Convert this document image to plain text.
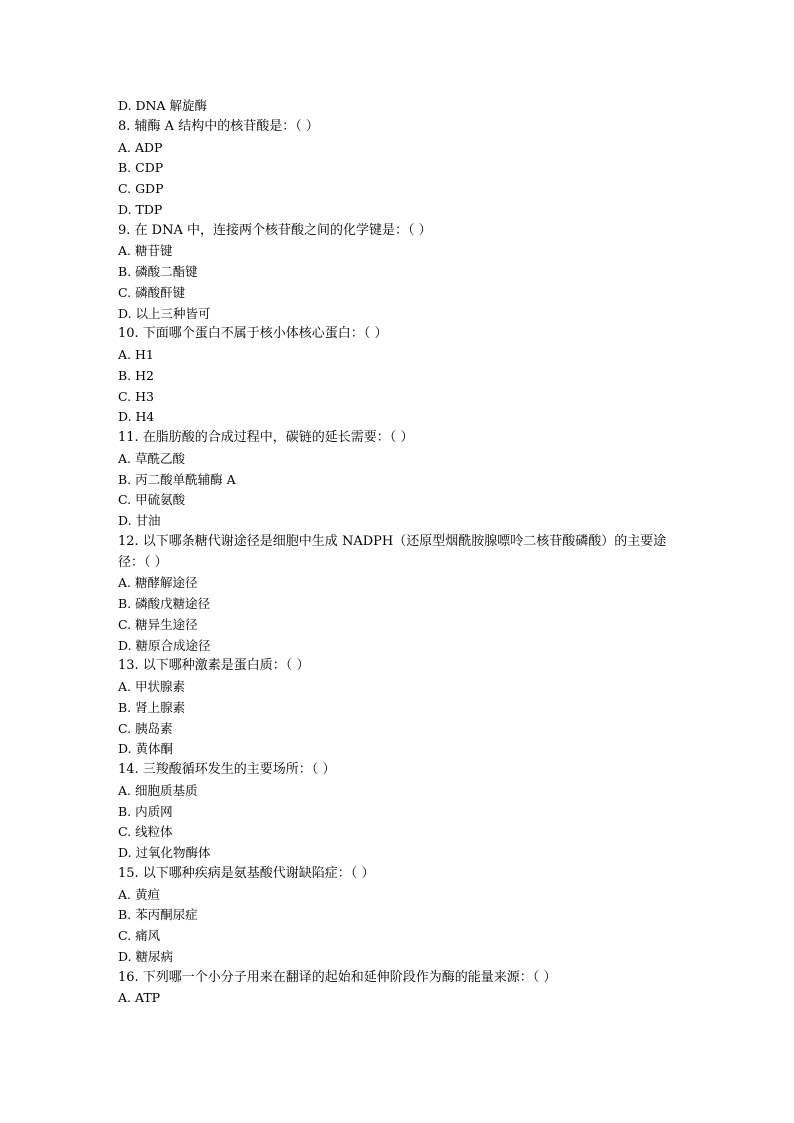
D. DNA 解旋酶
8. 辅酶 A 结构中的核苷酸是：（ ）
A. ADP
B. CDP
C. GDP
D. TDP
9. 在 DNA 中，连接两个核苷酸之间的化学键是：（ ）
A. 糖苷键
B. 磷酸二酯键
C. 磷酸酐键
D. 以上三种皆可
10. 下面哪个蛋白不属于核小体核心蛋白：（ ）
A. H1
B. H2
C. H3
D. H4
11. 在脂肪酸的合成过程中，碳链的延长需要：（ ）
A. 草酰乙酸
B. 丙二酸单酰辅酶 A
C. 甲硫氨酸
D. 甘油
12. 以下哪条糖代谢途径是细胞中生成 NADPH（还原型烟酰胺腺嘌呤二核苷酸磷酸）的主要途径：（ ）
A. 糖酵解途径
B. 磷酸戊糖途径
C. 糖异生途径
D. 糖原合成途径
13. 以下哪种激素是蛋白质：（ ）
A. 甲状腺素
B. 肾上腺素
C. 胰岛素
D. 黄体酮
14. 三羧酸循环发生的主要场所：（ ）
A. 细胞质基质
B. 内质网
C. 线粒体
D. 过氧化物酶体
15. 以下哪种疾病是氨基酸代谢缺陷症：（ ）
A. 黄疸
B. 苯丙酮尿症
C. 痛风
D. 糖尿病
16. 下列哪一个小分子用来在翻译的起始和延伸阶段作为酶的能量来源：（ ）
A. ATP
